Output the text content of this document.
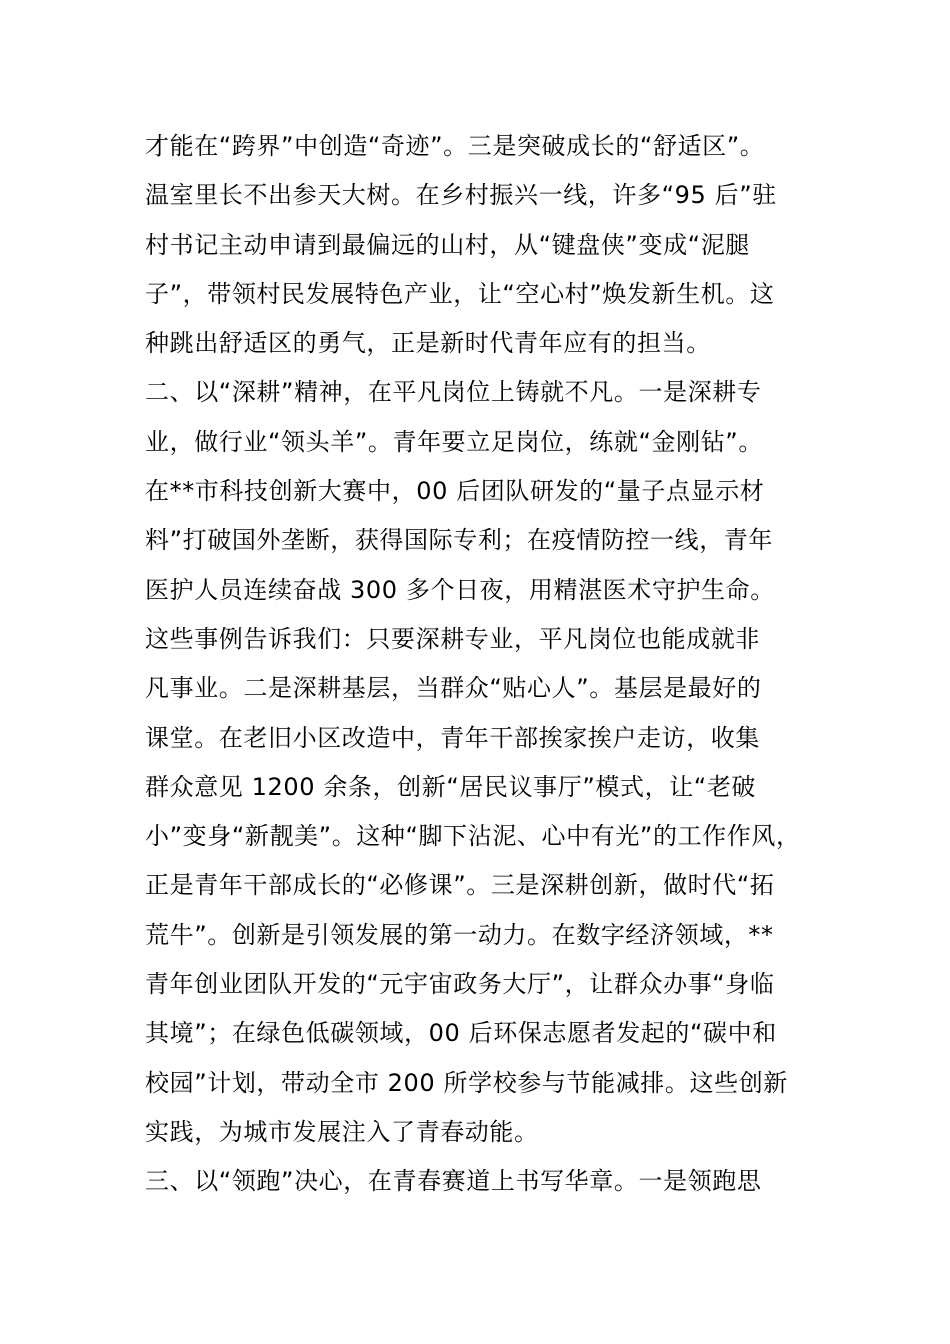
才能在“跨界”中创造“奇迹”。三是突破成长的“舒适区”。
温室里长不出参天大树。在乡村振兴一线，许多“95 后”驻
村书记主动申请到最偏远的山村，从“键盘侠”变成“泥腿
子”，带领村民发展特色产业，让“空心村”焕发新生机。这
种跳出舒适区的勇气，正是新时代青年应有的担当。
二、以“深耕”精神，在平凡岗位上铸就不凡。一是深耕专
业，做行业“领头羊”。青年要立足岗位，练就“金刚钻”。
在**市科技创新大赛中，00 后团队研发的“量子点显示材
料”打破国外垄断，获得国际专利；在疫情防控一线，青年
医护人员连续奋战 300 多个日夜，用精湛医术守护生命。
这些事例告诉我们：只要深耕专业，平凡岗位也能成就非
凡事业。二是深耕基层，当群众“贴心人”。基层是最好的
课堂。在老旧小区改造中，青年干部挨家挨户走访，收集
群众意见 1200 余条，创新“居民议事厅”模式，让“老破
小”变身“新靓美”。这种“脚下沾泥、心中有光”的工作作风，
正是青年干部成长的“必修课”。三是深耕创新，做时代“拓
荒牛”。创新是引领发展的第一动力。在数字经济领域，**
青年创业团队开发的“元宇宙政务大厅”，让群众办事“身临
其境”；在绿色低碳领域，00 后环保志愿者发起的“碳中和
校园”计划，带动全市 200 所学校参与节能减排。这些创新
实践，为城市发展注入了青春动能。
三、以“领跑”决心，在青春赛道上书写华章。一是领跑思
